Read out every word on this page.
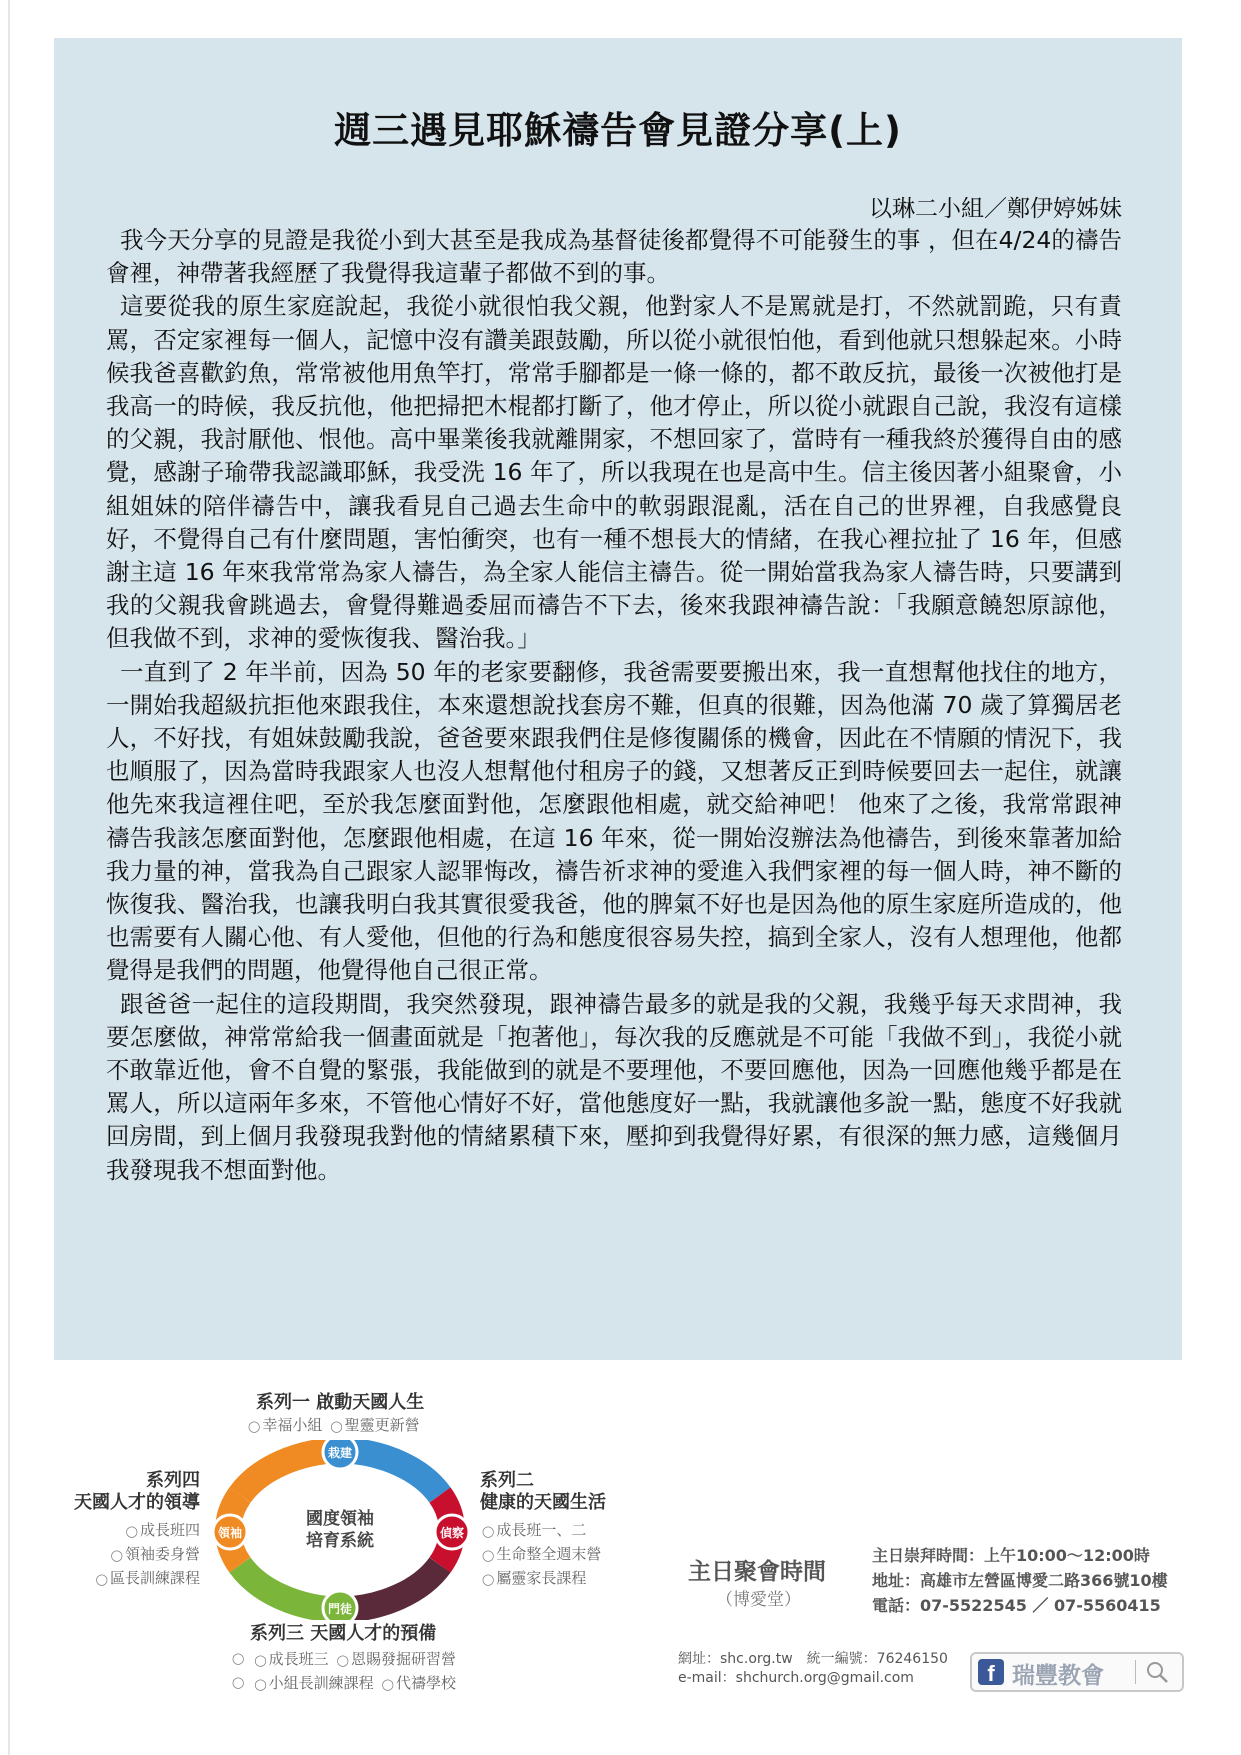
週三遇見耶穌禱告會見證分享(上)
以琳二小組／鄭伊婷姊妹

我今天分享的見證是我從小到大甚至是我成為基督徒後都覺得不可能發生的事 ，但在4/24的禱告會裡，神帶著我經歷了我覺得我這輩子都做不到的事。

這要從我的原生家庭說起，我從小就很怕我父親，他對家人不是罵就是打，不然就罰跪，只有責罵，否定家裡每一個人，記憶中沒有讚美跟鼓勵，所以從小就很怕他，看到他就只想躲起來。小時候我爸喜歡釣魚，常常被他用魚竿打，常常手腳都是一條一條的，都不敢反抗，最後一次被他打是我高一的時候，我反抗他，他把掃把木棍都打斷了，他才停止，所以從小就跟自己說，我沒有這樣的父親，我討厭他、恨他。高中畢業後我就離開家，不想回家了，當時有一種我終於獲得自由的感覺，感謝子瑜帶我認識耶穌，我受洗 16 年了，所以我現在也是高中生。信主後因著小組聚會，小組姐妹的陪伴禱告中，讓我看見自己過去生命中的軟弱跟混亂，活在自己的世界裡，自我感覺良好，不覺得自己有什麼問題，害怕衝突，也有一種不想長大的情緒，在我心裡拉扯了 16 年，但感謝主這 16 年來我常常為家人禱告，為全家人能信主禱告。從一開始當我為家人禱告時，只要講到我的父親我會跳過去，會覺得難過委屈而禱告不下去，後來我跟神禱告說：「我願意饒恕原諒他，但我做不到，求神的愛恢復我、醫治我。」

一直到了 2 年半前，因為 50 年的老家要翻修，我爸需要要搬出來，我一直想幫他找住的地方，一開始我超級抗拒他來跟我住，本來還想說找套房不難，但真的很難，因為他滿 70 歲了算獨居老人，不好找，有姐妹鼓勵我說，爸爸要來跟我們住是修復關係的機會，因此在不情願的情況下，我也順服了，因為當時我跟家人也沒人想幫他付租房子的錢，又想著反正到時候要回去一起住，就讓他先來我這裡住吧，至於我怎麼面對他，怎麼跟他相處，就交給神吧！ 他來了之後，我常常跟神禱告我該怎麼面對他，怎麼跟他相處，在這 16 年來，從一開始沒辦法為他禱告，到後來靠著加給我力量的神，當我為自己跟家人認罪悔改，禱告祈求神的愛進入我們家裡的每一個人時，神不斷的恢復我、醫治我，也讓我明白我其實很愛我爸，他的脾氣不好也是因為他的原生家庭所造成的，他也需要有人關心他、有人愛他，但他的行為和態度很容易失控，搞到全家人，沒有人想理他，他都覺得是我們的問題，他覺得他自己很正常。

跟爸爸一起住的這段期間，我突然發現，跟神禱告最多的就是我的父親，我幾乎每天求問神，我要怎麼做，神常常給我一個畫面就是「抱著他」，每次我的反應就是不可能「我做不到」，我從小就不敢靠近他，會不自覺的緊張，我能做到的就是不要理他，不要回應他，因為一回應他幾乎都是在罵人，所以這兩年多來，不管他心情好不好，當他態度好一點，我就讓他多說一點，態度不好我就回房間，到上個月我發現我對他的情緒累積下來，壓抑到我覺得好累，有很深的無力感，這幾個月我發現我不想面對他。

系列一 啟動天國人生
◯ 幸福小組	◯ 聖靈更新營
系列二
健康的天國生活
◯ 成長班一、二
◯ 生命整全週末營
◯ 屬靈家長課程
系列三 天國人才的預備
◯ ◯ 成長班三	◯ 恩賜發掘研習營
◯ ◯ 小組長訓練課程	◯ 代禱學校
系列四
天國人才的領導
◯ 成長班四
◯ 領袖委身營
◯ 區長訓練課程
栽建
偵察
門徒
領袖
國度領袖
培育系統
主日聚會時間
（博愛堂）
主日崇拜時間：上午10:00～12:00時
地址：高雄市左營區博愛二路366號10樓
電話：07-5522545 ／ 07-5560415
網址：shc.org.tw　統一編號：76246150
e-mail：shchurch.org@gmail.com	f 瑞豐教會
